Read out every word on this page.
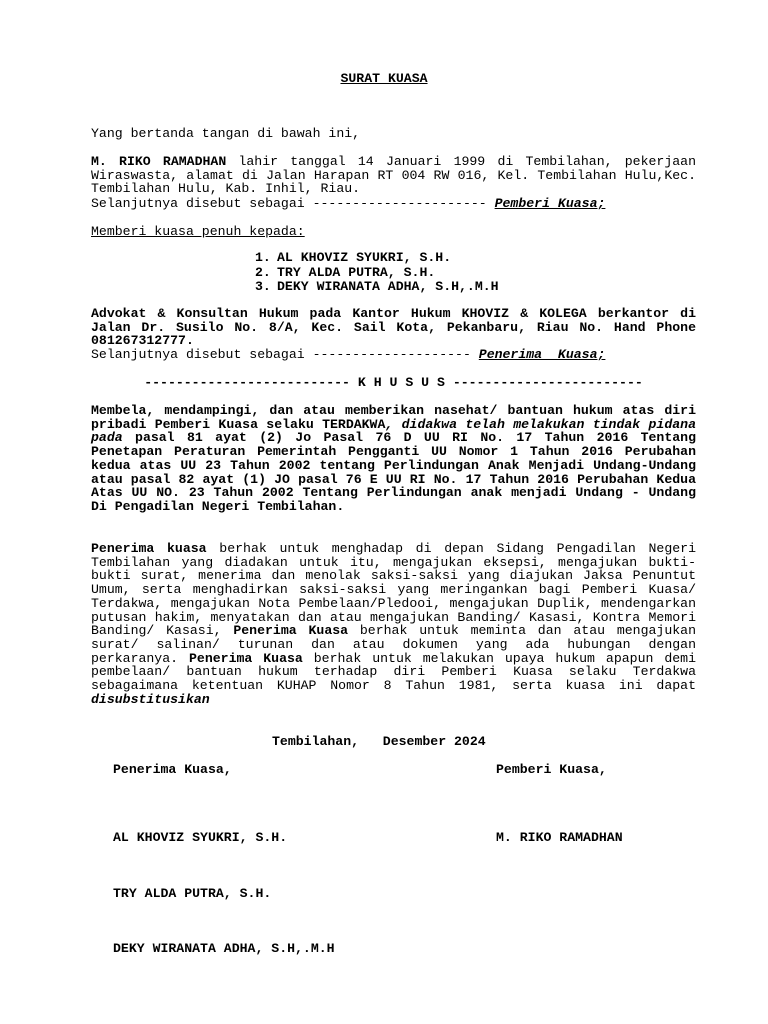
SURAT KUASA
Yang bertanda tangan di bawah ini,
M. RIKO RAMADHAN lahir tanggal 14 Januari 1999 di Tembilahan, pekerjaan Wiraswasta, alamat di Jalan Harapan RT 004 RW 016, Kel. Tembilahan Hulu,Kec. Tembilahan Hulu, Kab. Inhil, Riau.
Selanjutnya disebut sebagai ---------------------- Pemberi Kuasa;
Memberi kuasa penuh kepada:
1. AL KHOVIZ SYUKRI, S.H.
2. TRY ALDA PUTRA, S.H.
3. DEKY WIRANATA ADHA, S.H,.M.H
Advokat & Konsultan Hukum pada Kantor Hukum KHOVIZ & KOLEGA berkantor di Jalan Dr. Susilo No. 8/A, Kec. Sail Kota, Pekanbaru, Riau No. Hand Phone 081267312777.
Selanjutnya disebut sebagai -------------------- Penerima  Kuasa;
-------------------------- K H U S U S ------------------------
Membela, mendampingi, dan atau memberikan nasehat/ bantuan hukum atas diri pribadi Pemberi Kuasa selaku TERDAKWA, didakwa telah melakukan tindak pidana pada pasal 81 ayat (2) Jo Pasal 76 D UU RI No. 17 Tahun 2016 Tentang Penetapan Peraturan Pemerintah Pengganti UU Nomor 1 Tahun 2016 Perubahan kedua atas UU 23 Tahun 2002 tentang Perlindungan Anak Menjadi Undang-Undang atau pasal 82 ayat (1) JO pasal 76 E UU RI No. 17 Tahun 2016 Perubahan Kedua Atas UU NO. 23 Tahun 2002 Tentang Perlindungan anak menjadi Undang - Undang Di Pengadilan Negeri Tembilahan.
Penerima kuasa berhak untuk menghadap di depan Sidang Pengadilan Negeri Tembilahan yang diadakan untuk itu, mengajukan eksepsi, mengajukan bukti-bukti surat, menerima dan menolak saksi-saksi yang diajukan Jaksa Penuntut Umum, serta menghadirkan saksi-saksi yang meringankan bagi Pemberi Kuasa/ Terdakwa, mengajukan Nota Pembelaan/Pledooi, mengajukan Duplik, mendengarkan putusan hakim, menyatakan dan atau mengajukan Banding/ Kasasi, Kontra Memori Banding/ Kasasi, Penerima Kuasa berhak untuk meminta dan atau mengajukan surat/ salinan/ turunan dan atau dokumen yang ada hubungan dengan perkaranya. Penerima Kuasa berhak untuk melakukan upaya hukum apapun demi pembelaan/ bantuan hukum terhadap diri Pemberi Kuasa selaku Terdakwa sebagaimana ketentuan KUHAP Nomor 8 Tahun 1981, serta kuasa ini dapat disubstitusikan
Tembilahan,   Desember 2024
Penerima Kuasa,	Pemberi Kuasa,
AL KHOVIZ SYUKRI, S.H.	M. RIKO RAMADHAN
TRY ALDA PUTRA, S.H.
DEKY WIRANATA ADHA, S.H,.M.H
